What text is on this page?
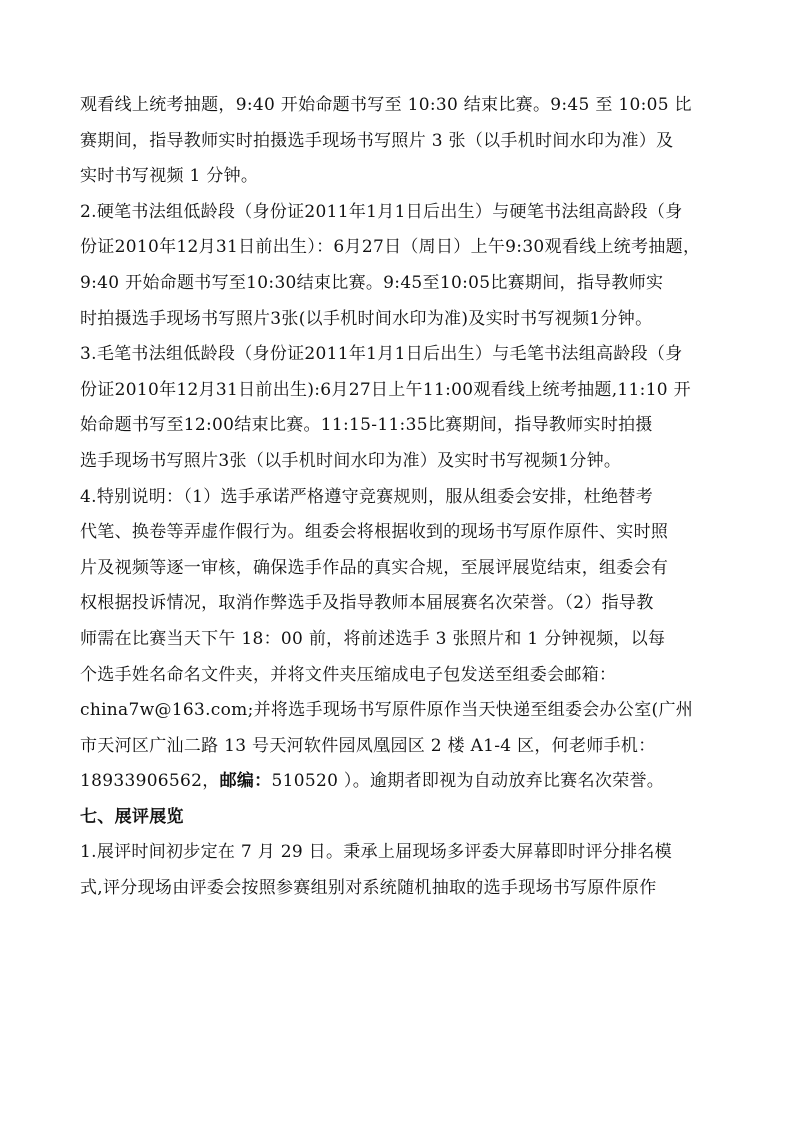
观看线上统考抽题，9:40 开始命题书写至 10:30 结束比赛。9:45 至 10:05 比
赛期间，指导教师实时拍摄选手现场书写照片 3 张（以手机时间水印为准）及
实时书写视频 1 分钟。
2.硬笔书法组低龄段（身份证2011年1月1日后出生）与硬笔书法组高龄段（身
份证2010年12月31日前出生）：6月27日（周日）上午9:30观看线上统考抽题，
9:40 开始命题书写至10:30结束比赛。9:45至10:05比赛期间，指导教师实
时拍摄选手现场书写照片3张(以手机时间水印为准)及实时书写视频1分钟。
3.毛笔书法组低龄段（身份证2011年1月1日后出生）与毛笔书法组高龄段（身
份证2010年12月31日前出生):6月27日上午11:00观看线上统考抽题,11:10 开
始命题书写至12:00结束比赛。11:15-11:35比赛期间，指导教师实时拍摄
选手现场书写照片3张（以手机时间水印为准）及实时书写视频1分钟。
4.特别说明：（1）选手承诺严格遵守竞赛规则，服从组委会安排，杜绝替考
代笔、换卷等弄虚作假行为。组委会将根据收到的现场书写原作原件、实时照
片及视频等逐一审核，确保选手作品的真实合规，至展评展览结束，组委会有
权根据投诉情况，取消作弊选手及指导教师本届展赛名次荣誉。（2）指导教
师需在比赛当天下午 18：00 前，将前述选手 3 张照片和 1 分钟视频，以每
个选手姓名命名文件夹，并将文件夹压缩成电子包发送至组委会邮箱：
china7w@163.com;并将选手现场书写原件原作当天快递至组委会办公室(广州
市天河区广汕二路 13 号天河软件园凤凰园区 2 楼 A1-4 区，何老师手机：
18933906562，邮编：510520 ）。逾期者即视为自动放弃比赛名次荣誉。
七、展评展览
1.展评时间初步定在 7 月 29 日。秉承上届现场多评委大屏幕即时评分排名模
式,评分现场由评委会按照参赛组别对系统随机抽取的选手现场书写原件原作
